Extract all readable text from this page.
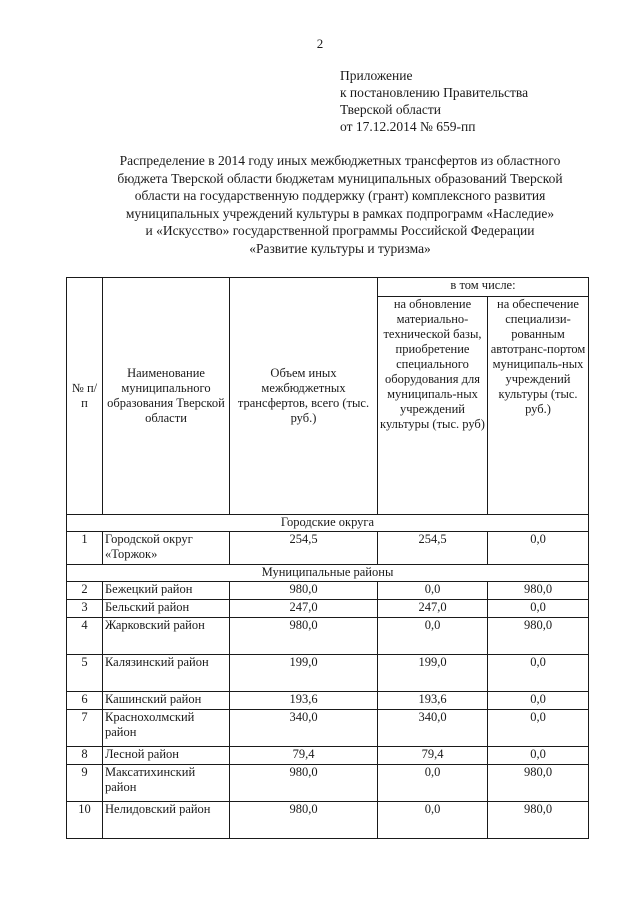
2
Приложение
к постановлению Правительства
Тверской области
от 17.12.2014 № 659-пп
Распределение в 2014 году иных межбюджетных трансфертов из областного
бюджета Тверской области бюджетам муниципальных образований Тверской
области на государственную поддержку (грант) комплексного развития
муниципальных учреждений культуры в рамках подпрограмм «Наследие»
и «Искусство» государственной программы Российской Федерации
«Развитие культуры и туризма»
№ п/п	Наименование муниципального образования Тверской области	Объем иных межбюджетных трансфертов, всего (тыс. руб.)	в том числе:	
			на обновление материально-технической базы, приобретение специального оборудования для муниципаль-ных учреждений культуры (тыс. руб)	на обеспечение специализи-рованным автотранс-портом муниципаль-ных учреждений культуры (тыс. руб.)
Городские округа				
1	Городской округ «Торжок»	254,5	254,5	0,0
Муниципальные районы				
2	Бежецкий район	980,0	0,0	980,0
3	Бельский район	247,0	247,0	0,0
4	Жарковский район	980,0	0,0	980,0
5	Калязинский район	199,0	199,0	0,0
6	Кашинский район	193,6	193,6	0,0
7	Краснохолмский район	340,0	340,0	0,0
8	Лесной район	79,4	79,4	0,0
9	Максатихинский район	980,0	0,0	980,0
10	Нелидовский район	980,0	0,0	980,0
